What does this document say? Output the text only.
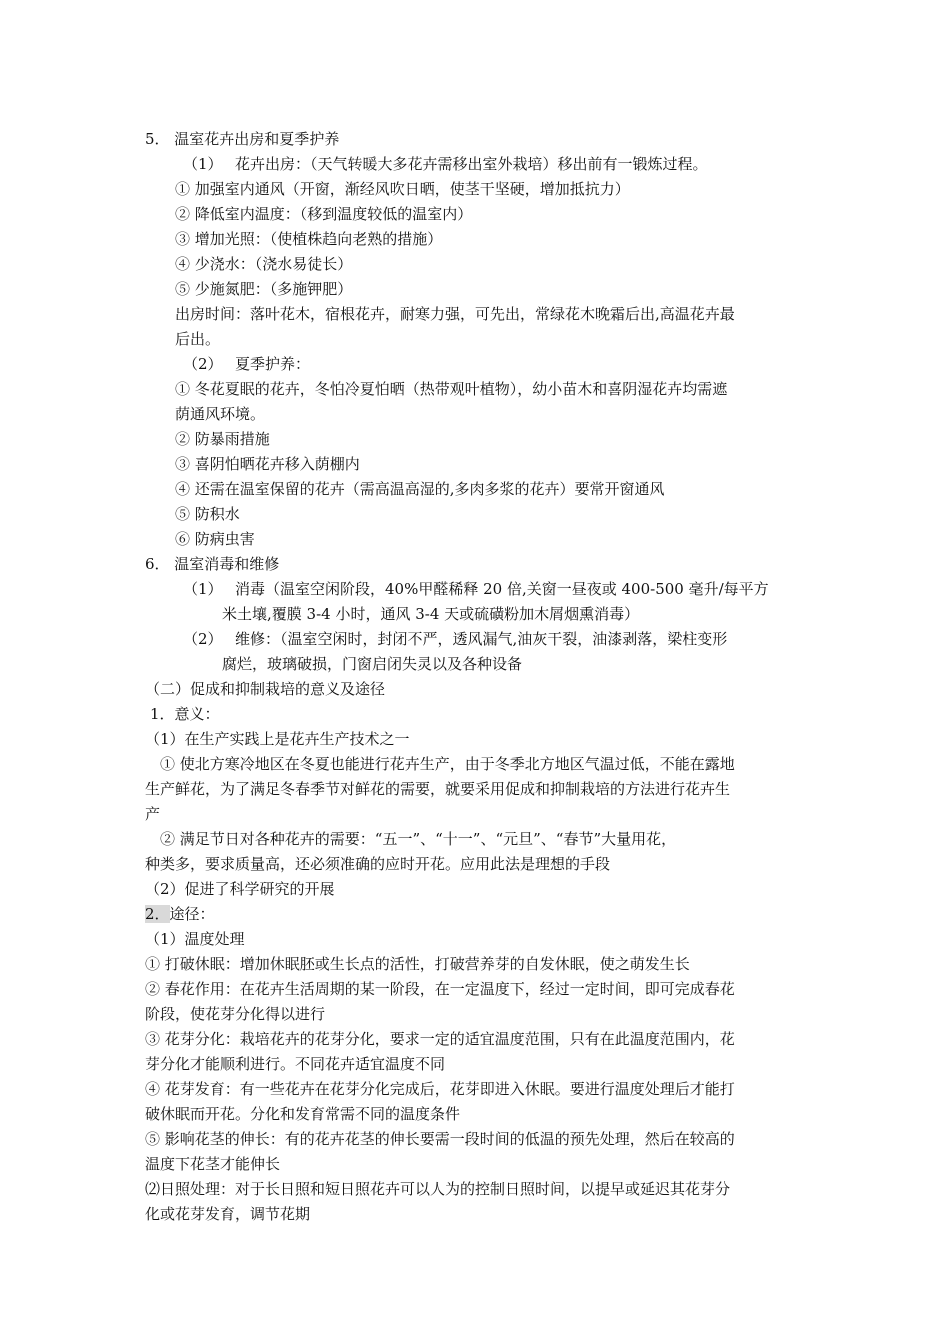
5． 温室花卉出房和夏季护养
（1） 花卉出房：（天气转暖大多花卉需移出室外栽培）移出前有一锻炼过程。
① 加强室内通风（开窗，渐经风吹日晒，使茎干坚硬，增加抵抗力）
② 降低室内温度：（移到温度较低的温室内）
③ 增加光照：（使植株趋向老熟的措施）
④ 少浇水：（浇水易徒长）
⑤ 少施氮肥：（多施钾肥）
出房时间：落叶花木，宿根花卉，耐寒力强，可先出，常绿花木晚霜后出,高温花卉最
后出。
（2） 夏季护养：
① 冬花夏眠的花卉，冬怕冷夏怕晒（热带观叶植物），幼小苗木和喜阴湿花卉均需遮
荫通风环境。
② 防暴雨措施
③ 喜阴怕晒花卉移入荫棚内
④ 还需在温室保留的花卉（需高温高湿的,多肉多浆的花卉）要常开窗通风
⑤ 防积水
⑥ 防病虫害
6． 温室消毒和维修
（1） 消毒（温室空闲阶段，40%甲醛稀释 20 倍,关窗一昼夜或 400-500 毫升/每平方
米土壤,覆膜 3-4 小时，通风 3-4 天或硫磺粉加木屑烟熏消毒）
（2） 维修：（温室空闲时，封闭不严，透风漏气,油灰干裂，油漆剥落，梁柱变形
腐烂，玻璃破损，门窗启闭失灵以及各种设备
（二）促成和抑制栽培的意义及途径
1．意义：
（1）在生产实践上是花卉生产技术之一
① 使北方寒冷地区在冬夏也能进行花卉生产，由于冬季北方地区气温过低，不能在露地
生产鲜花，为了满足冬春季节对鲜花的需要，就要采用促成和抑制栽培的方法进行花卉生
产
② 满足节日对各种花卉的需要：“五一”、“十一”、“元旦”、“春节”大量用花，
种类多，要求质量高，还必须准确的应时开花。应用此法是理想的手段
（2）促进了科学研究的开展
2．途径：
（1）温度处理
① 打破休眠：增加休眠胚或生长点的活性，打破营养芽的自发休眠，使之萌发生长
② 春花作用：在花卉生活周期的某一阶段，在一定温度下，经过一定时间，即可完成春花
阶段，使花芽分化得以进行
③ 花芽分化：栽培花卉的花芽分化，要求一定的适宜温度范围，只有在此温度范围内，花
芽分化才能顺利进行。不同花卉适宜温度不同
④ 花芽发育：有一些花卉在花芽分化完成后，花芽即进入休眠。要进行温度处理后才能打
破休眠而开花。分化和发育常需不同的温度条件
⑤ 影响花茎的伸长：有的花卉花茎的伸长要需一段时间的低温的预先处理，然后在较高的
温度下花茎才能伸长
⑵日照处理：对于长日照和短日照花卉可以人为的控制日照时间，以提早或延迟其花芽分
化或花芽发育，调节花期
